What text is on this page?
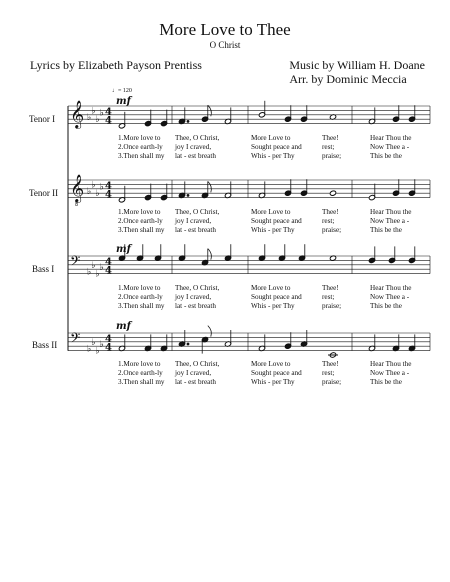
More Love to Thee
O Christ
Lyrics by Elizabeth Payson Prentiss	Music by William H. Doane
Arr. by Dominic Meccia
Tenor I
Tenor II
Bass I
Bass II
♩= 120
mf
mf
mf
𝄞 ♭
♭
♭
♭ 4
4
𝄞
8
♭
♭
♭
♭ 4
4
𝄢
♭
♭
♭
♭
4
4
𝄢
♭
♭
♭
♭
4
4
1.More love to Thee, O Christ,	More Love to	Thee!	Hear Thou the
2.Once earth-ly joy I craved,	Sought peace and	rest;	Now Thee a -
3.Then shall my lat - est breath	Whis - per Thy	praise;	This be the
1.More love to Thee, O Christ,	More Love to	Thee!	Hear Thou the
2.Once earth-ly joy I craved,	Sought peace and	rest;	Now Thee a -
3.Then shall my lat - est breath	Whis - per Thy	praise;	This be the
1.More love to Thee, O Christ,	More Love to	Thee!	Hear Thou the
2.Once earth-ly joy I craved,	Sought peace and	rest;	Now Thee a -
3.Then shall my lat - est breath	Whis - per Thy	praise;	This be the
1.More love to Thee, O Christ,	More Love to	Thee!	Hear Thou the
2.Once earth-ly joy I craved,	Sought peace and	rest;	Now Thee a -
3.Then shall my lat - est breath	Whis - per Thy	praise;	This be the
